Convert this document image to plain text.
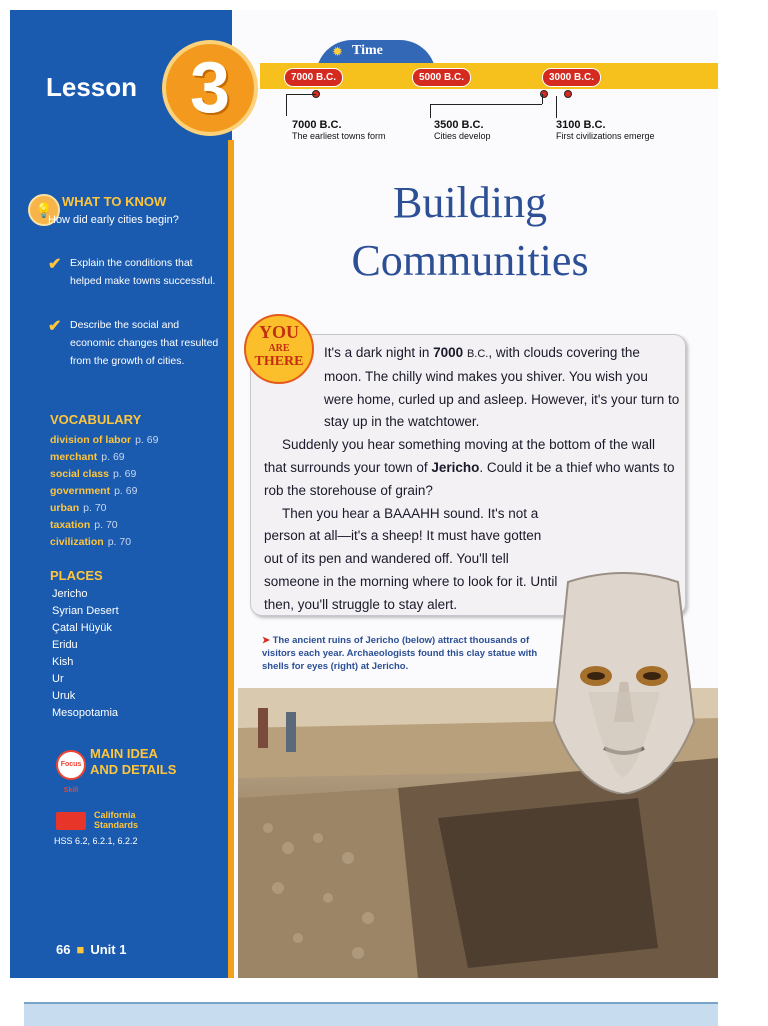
Lesson
💡
WHAT TO KNOW
How did early cities begin?
✔ Explain the conditions that helped make towns successful.
✔ Describe the social and economic changes that resulted from the growth of cities.
VOCABULARY
division of labor p. 69
merchant p. 69
social class p. 69
government p. 69
urban p. 70
taxation p. 70
civilization p. 70
PLACES
Jericho
Syrian Desert
Çatal Hüyük
Eridu
Kish
Ur
Uruk
Mesopotamia
Focus Skill
MAIN IDEA
AND DETAILS
California
Standards
HSS 6.2, 6.2.1, 6.2.2
66 ■ Unit 1
3	✹ Time
7000 B.C.	5000 B.C.	3000 B.C.
7000 B.C.
The earliest towns form
3500 B.C.
Cities develop
3100 B.C.
First civilizations emerge
Building
Communities
YOU
ARE
THERE

It's a dark night in 7000 B.C., with clouds covering the moon. The chilly wind makes you shiver. You wish you were home, curled up and asleep. However, it's your turn to stay up in the watchtower.

Suddenly you hear something moving at the bottom of the wall that surrounds your town of Jericho. Could it be a thief who wants to rob the storehouse of grain?

Then you hear a BAAAHH sound. It's not a person at all—it's a sheep! It must have gotten out of its pen and wandered off. You'll tell someone in the morning where to look for it. Until then, you'll struggle to stay alert.

➤ The ancient ruins of Jericho (below) attract thousands of visitors each year. Archaeologists found this clay statue with shells for eyes (right) at Jericho.
